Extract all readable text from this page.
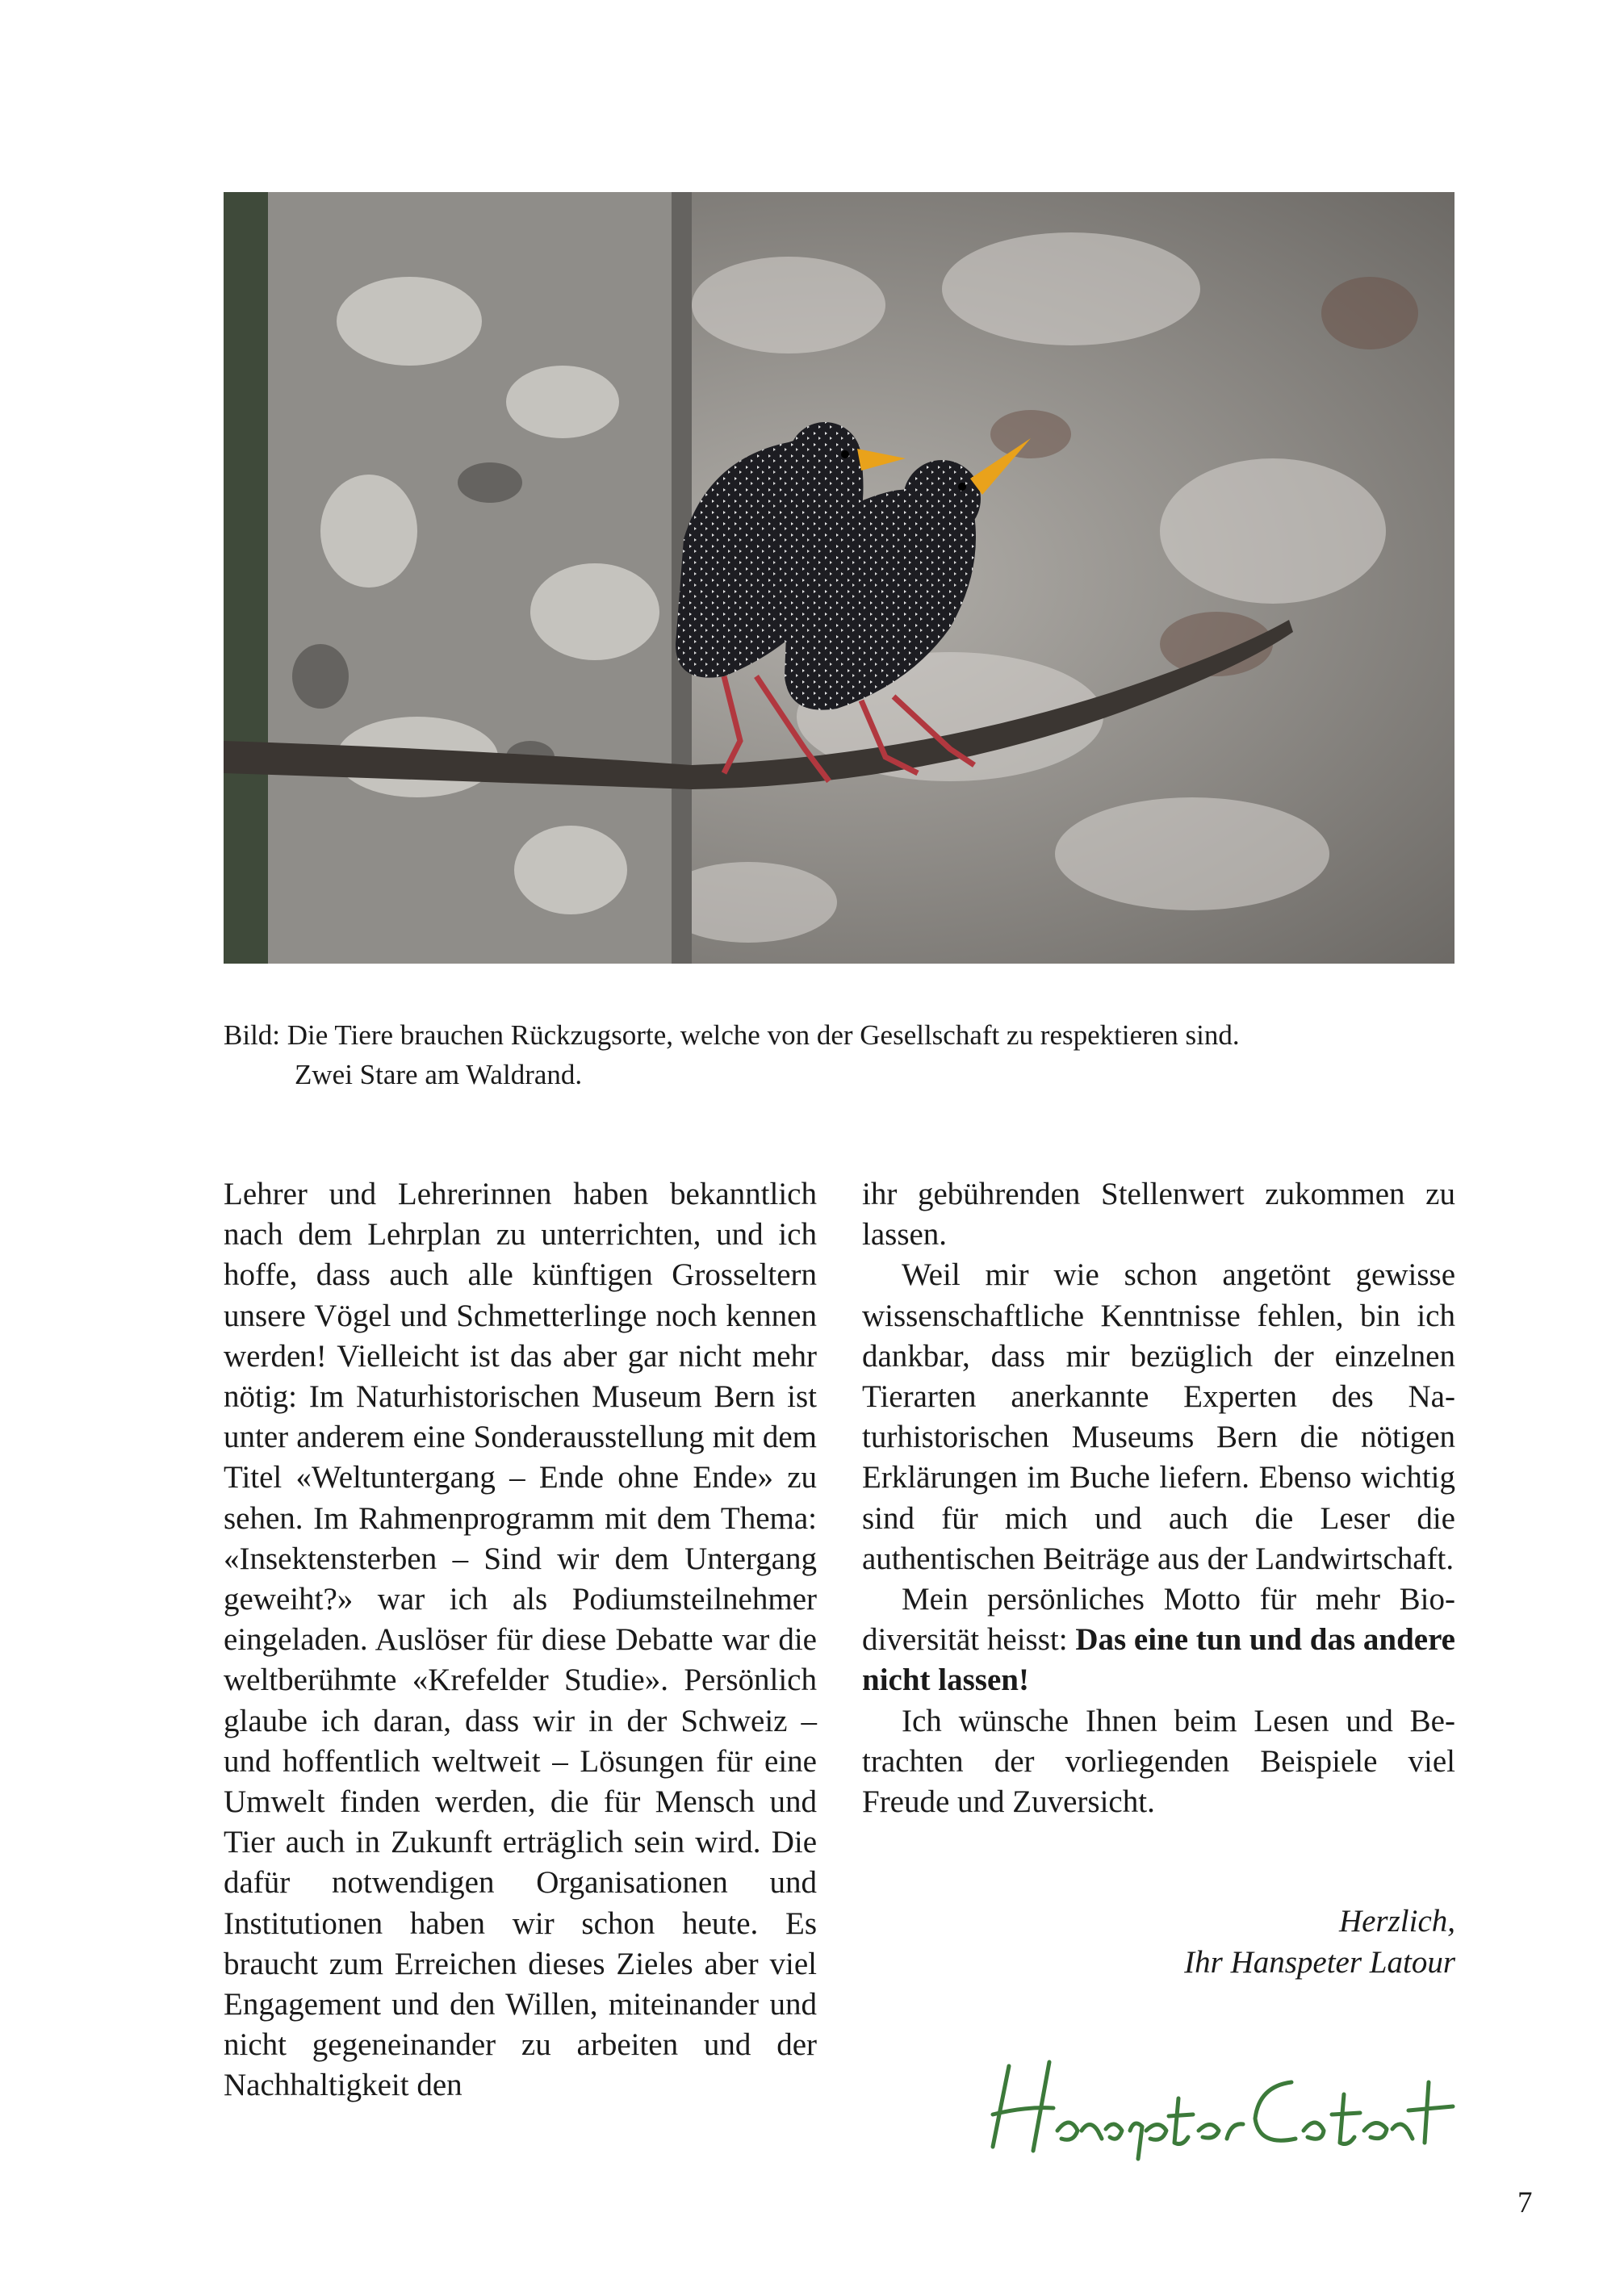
Bild: Die Tiere brauchen Rückzugsorte, welche von der Gesellschaft zu respektieren sind.

Zwei Stare am Waldrand.

Lehrer und Lehrerinnen haben bekanntlich nach dem Lehrplan zu unterrichten, und ich hoffe, dass auch alle künftigen Grosseltern unsere Vögel und Schmetterlinge noch kennen werden! Vielleicht ist das aber gar nicht mehr nötig: Im Naturhistorischen Museum Bern ist unter anderem eine Sonderausstellung mit dem Titel «Weltuntergang – Ende ohne Ende» zu sehen. Im Rahmenprogramm mit dem Thema: «Insektensterben – Sind wir dem Untergang geweiht?» war ich als Podiumsteilnehmer eingeladen. Auslöser für diese Debatte war die weltberühmte «Krefelder Studie». Persönlich glaube ich daran, dass wir in der Schweiz – und hoffentlich weltweit – Lösungen für eine Umwelt finden werden, die für Mensch und Tier auch in Zukunft erträglich sein wird. Die dafür notwendigen Organisationen und Institutionen haben wir schon heute. Es braucht zum Erreichen dieses Zieles aber viel Engagement und den Willen, miteinander und nicht gegeneinander zu arbeiten und der Nachhaltigkeit den

ihr gebührenden Stellenwert zukommen zu lassen.

Weil mir wie schon angetönt gewisse wissenschaftliche Kenntnisse fehlen, bin ich dankbar, dass mir bezüglich der einzelnen Tierarten anerkannte Experten des Naturhistorischen Museums Bern die nötigen Erklärungen im Buche liefern. Ebenso wichtig sind für mich und auch die Leser die authentischen Beiträge aus der Landwirtschaft.

Mein persönliches Motto für mehr Biodiversität heisst: Das eine tun und das andere nicht lassen!

Ich wünsche Ihnen beim Lesen und Betrachten der vorliegenden Beispiele viel Freude und Zuversicht.

Herzlich,
Ihr Hanspeter Latour
7
